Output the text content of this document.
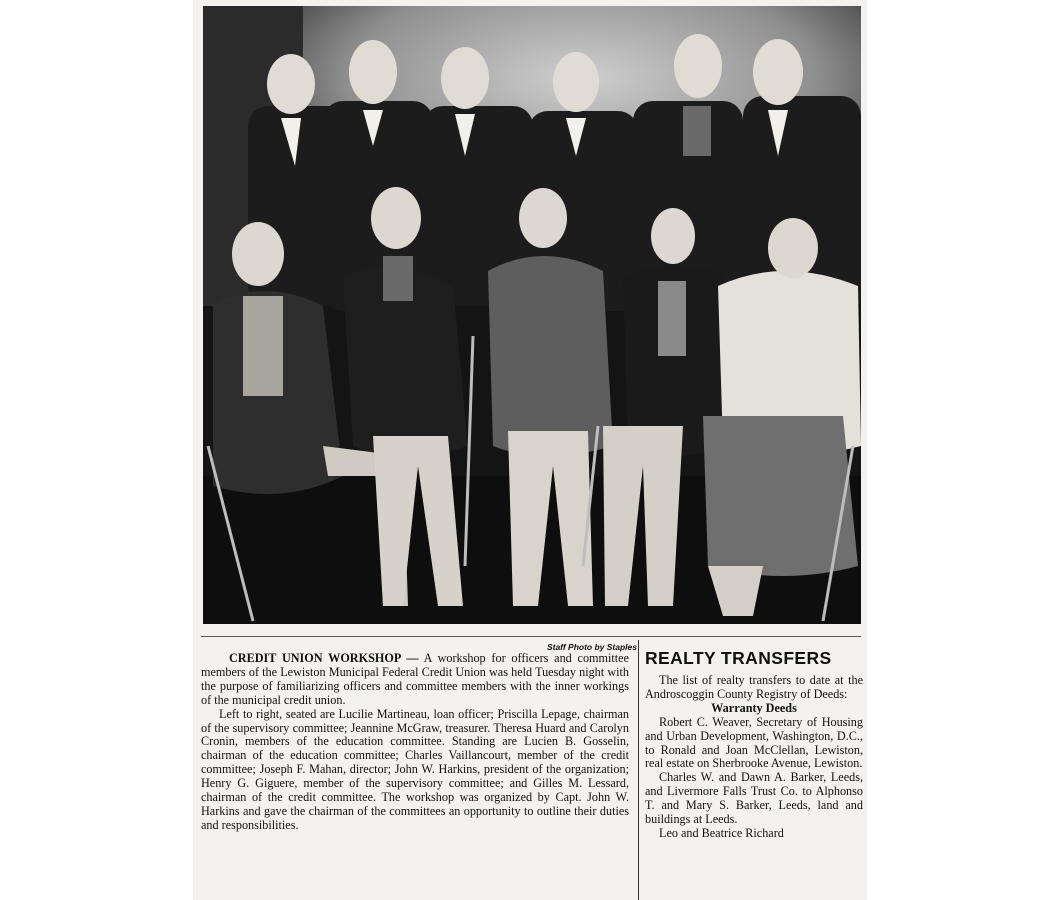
Staff Photo by Staples

CREDIT UNION WORKSHOP — A workshop for officers and committee members of the Lewiston Municipal Federal Credit Union was held Tuesday night with the purpose of familiarizing officers and committee members with the inner workings of the municipal credit union.

Left to right, seated are Lucilie Martineau, loan officer; Priscilla Lepage, chairman of the supervisory committee; Jeannine McGraw, treasurer. Theresa Huard and Carolyn Cronin, members of the education committee. Standing are Lucien B. Gosselin, chairman of the education committee; Charles Vaillancourt, member of the credit committee; Joseph F. Mahan, director; John W. Harkins, president of the organization; Henry G. Giguere, member of the supervisory committee; and Gilles M. Lessard, chairman of the credit committee. The workshop was organized by Capt. John W. Harkins and gave the chairman of the committees an opportunity to outline their duties and responsibilities.

REALTY TRANSFERS

The list of realty transfers to date at the Androscoggin County Registry of Deeds:

Warranty Deeds

Robert C. Weaver, Secretary of Housing and Urban Development, Washington, D.C., to Ronald and Joan McClellan, Lewiston, real estate on Sherbrooke Avenue, Lewiston.

Charles W. and Dawn A. Barker, Leeds, and Livermore Falls Trust Co. to Alphonso T. and Mary S. Barker, Leeds, land and buildings at Leeds.

Leo and Beatrice Richard
